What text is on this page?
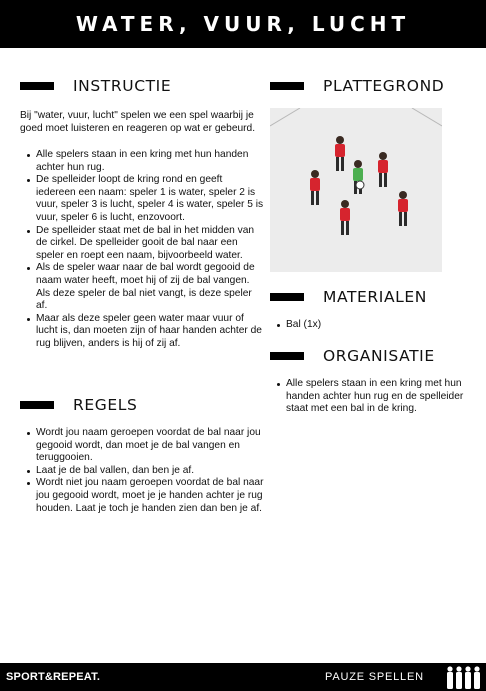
WATER, VUUR, LUCHT
INSTRUCTIE

Bij "water, vuur, lucht" spelen we een spel waarbij je goed moet luisteren en reageren op wat er gebeurd.

Alle spelers staan in een kring met hun handen achter hun rug.
De spelleider loopt de kring rond en geeft iedereen een naam: speler 1 is water, speler 2 is vuur, speler 3 is lucht, speler 4 is water, speler 5 is vuur, speler 6 is lucht, enzovoort.
De spelleider staat met de bal in het midden van de cirkel. De spelleider gooit de bal naar een speler en roept een naam, bijvoorbeeld water.
Als de speler waar naar de bal wordt gegooid de naam water heeft, moet hij of zij de bal vangen. Als deze speler de bal niet vangt, is deze speler af.
Maar als deze speler geen water maar vuur of lucht is, dan moeten zijn of haar handen achter de rug blijven, anders is hij of zij af.
REGELS
Wordt jou naam geroepen voordat de bal naar jou gegooid wordt, dan moet je de bal vangen en teruggooien.
Laat je de bal vallen, dan ben je af.
Wordt niet jou naam geroepen voordat de bal naar jou gegooid wordt, moet je je handen achter je rug houden. Laat je toch je handen zien dan ben je af.
PLATTEGROND
MATERIALEN
Bal (1x)
ORGANISATIE
Alle spelers staan in een kring met hun handen achter hun rug en de spelleider staat met een bal in de kring.
SPORT&REPEAT.	PAUZE SPELLEN
